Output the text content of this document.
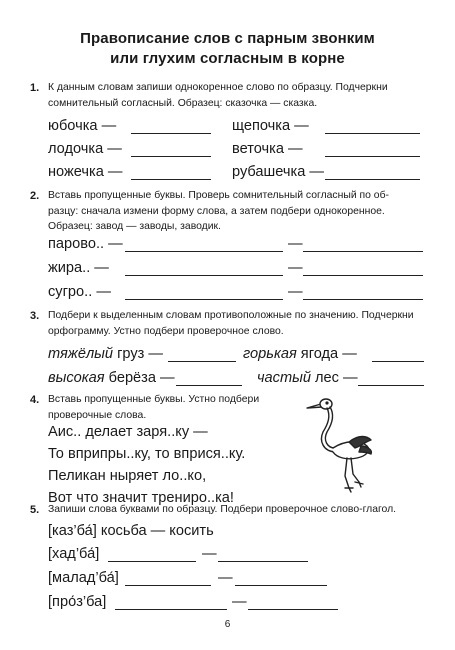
Правописание слов с парным звонким
или глухим согласным в корне
1. К данным словам запиши однокоренное слово по образцу. Подчеркни
сомнительный согласный. Образец: сказочка — сказка.
юбочка —	щепочка —
лодочка —	веточка —
ножечка —	рубашечка —
2. Вставь пропущенные буквы. Проверь сомнительный согласный по об-
разцу: сначала измени форму слова, а затем подбери однокоренное.
Образец: завод — заводы, заводик.
парово.. —	—
жира.. —	—
сугро.. —	—
3. Подбери к выделенным словам противоположные по значению. Подчеркни
орфограмму. Устно подбери проверочное слово.
тяжёлый груз —	горькая ягода —
высокая берёза —	частый лес —
4. Вставь пропущенные буквы. Устно подбери
проверочные слова.
Аис.. делает заря..ку —
То вприпры..ку, то вприся..ку.
Пеликан ныряет ло..ко,
Вот что значит трениро..ка!
5. Запиши слова буквами по образцу. Подбери проверочное слово-глагол.
[каз’ба́] косьба — косить
[хад’ба́]	—
[малад’ба́]	—
[про́з’ба]	—
6
